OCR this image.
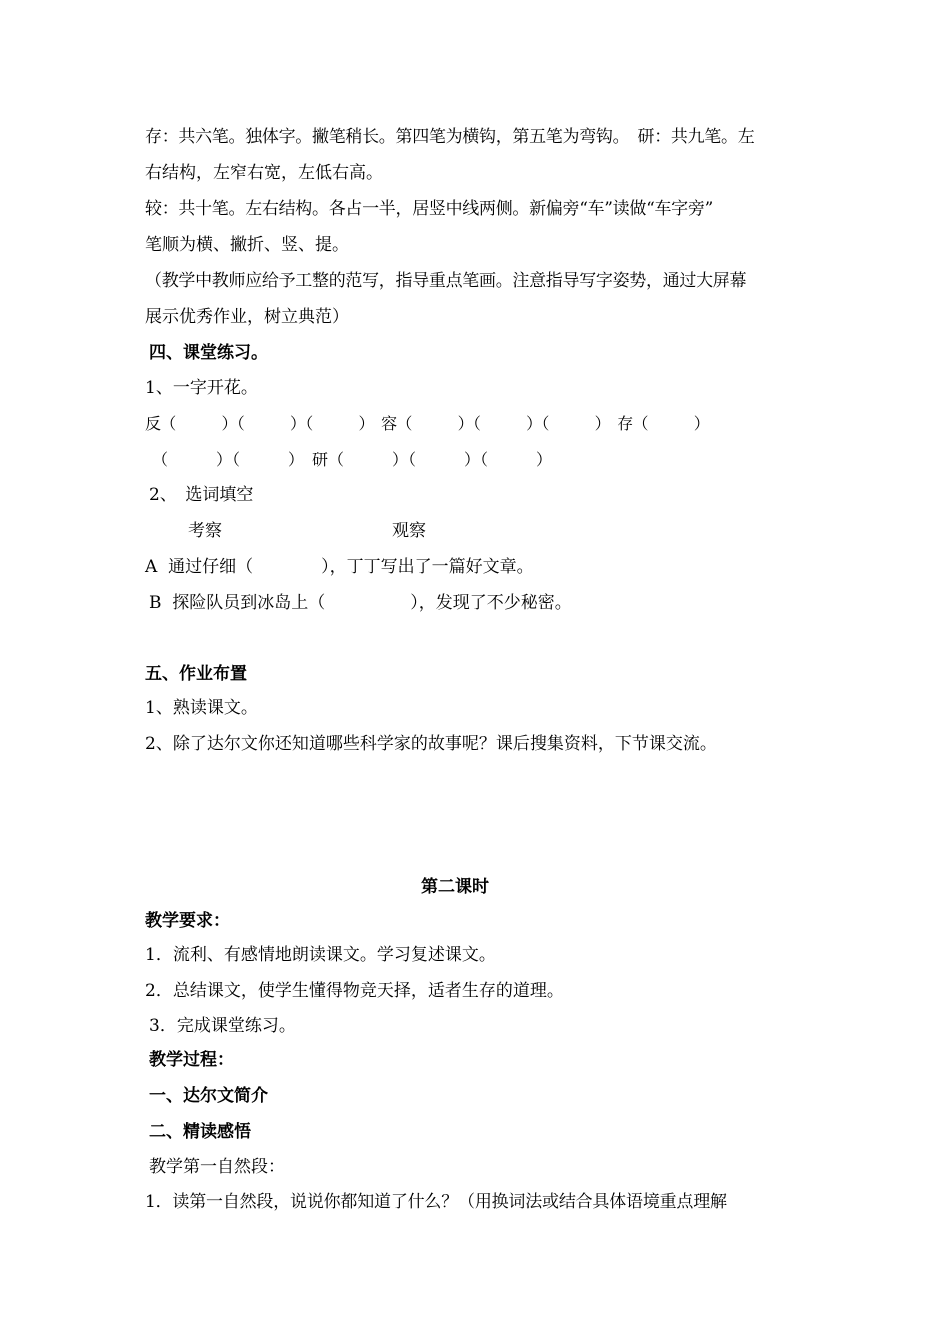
存：共六笔。独体字。撇笔稍长。第四笔为横钩，第五笔为弯钩。　研：共九笔。左

右结构，左窄右宽，左低右高。

较：共十笔。左右结构。各占一半，居竖中线两侧。新偏旁“车”读做“车字旁”

笔顺为横、撇折、竖、提。

（教学中教师应给予工整的范写，指导重点笔画。注意指导写字姿势，通过大屏幕

展示优秀作业，树立典范）

四、课堂练习。

1、一字开花。

反（　　　）（　　　）（　　　）　容（　　　）（　　　）（　　　）　存（　　　）

（　　　）（　　　）　研（　　　）（　　　）（　　　）

2、　选词填空

考察　　　　　　　　　　观察

A  通过仔细（　　　　），丁丁写出了一篇好文章。

B  探险队员到冰岛上（　　　　　），发现了不少秘密。

五、作业布置

1、熟读课文。

2、除了达尔文你还知道哪些科学家的故事呢？课后搜集资料，下节课交流。

第二课时

教学要求：

1．流利、有感情地朗读课文。学习复述课文。

2．总结课文，使学生懂得物竞天择，适者生存的道理。

3．完成课堂练习。

教学过程：

一、达尔文简介

二、精读感悟

教学第一自然段：

1．读第一自然段，说说你都知道了什么？（用换词法或结合具体语境重点理解
